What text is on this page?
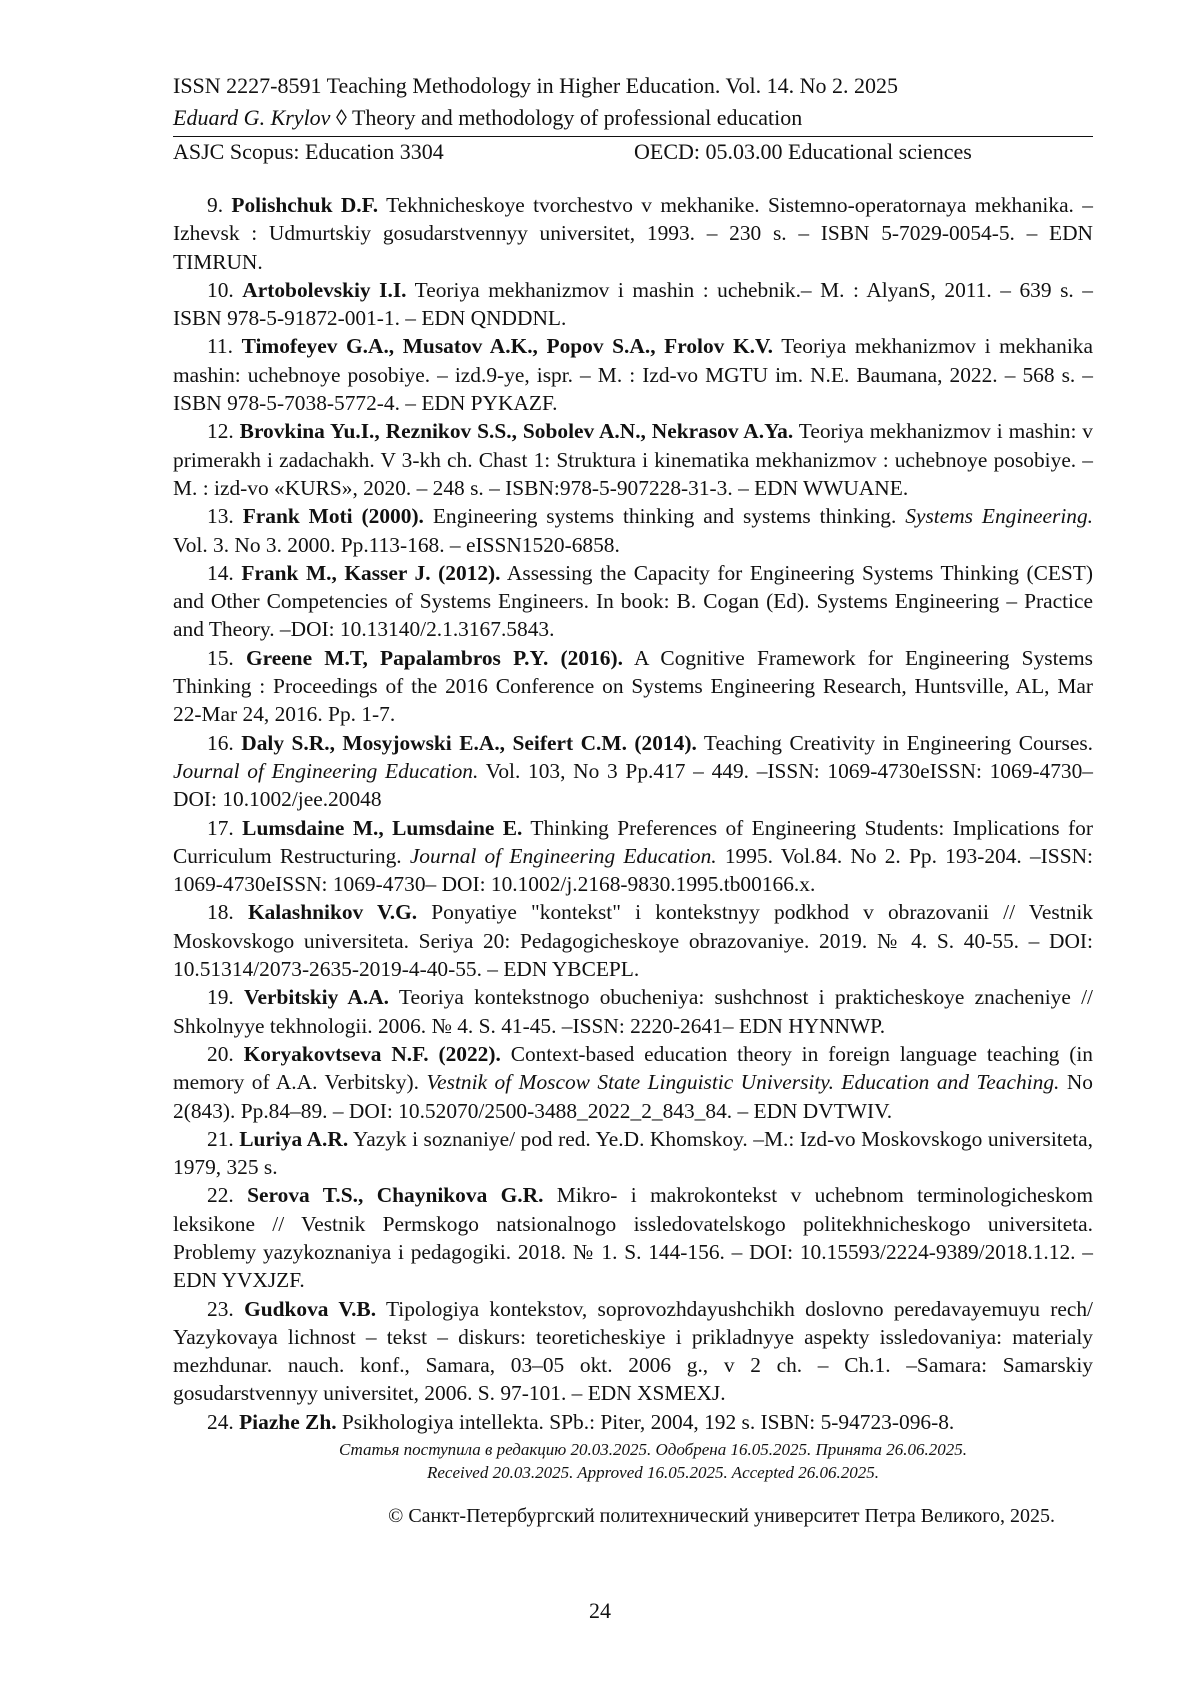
ISSN 2227-8591 Teaching Methodology in Higher Education. Vol. 14. No 2. 2025
Eduard G. Krylov ◊ Theory and methodology of professional education
ASJC Scopus: Education 3304	OECD: 05.03.00 Educational sciences

9. Polishchuk D.F. Tekhnicheskoye tvorchestvo v mekhanike. Sistemno-operatornaya mekhanika. – Izhevsk : Udmurtskiy gosudarstvennyy universitet, 1993. – 230 s. – ISBN 5-7029-0054-5. – EDN TIMRUN.

10. Artobolevskiy I.I. Teoriya mekhanizmov i mashin : uchebnik.– M. : AlyanS, 2011. – 639 s. – ISBN 978-5-91872-001-1. – EDN QNDDNL.

11. Timofeyev G.A., Musatov A.K., Popov S.A., Frolov K.V. Teoriya mekhanizmov i mekhanika mashin: uchebnoye posobiye. – izd.9-ye, ispr. – M. : Izd-vo MGTU im. N.E. Baumana, 2022. – 568 s. – ISBN 978-5-7038-5772-4. – EDN PYKAZF.

12. Brovkina Yu.I., Reznikov S.S., Sobolev A.N., Nekrasov A.Ya. Teoriya mekhanizmov i mashin: v primerakh i zadachakh. V 3-kh ch. Chast 1: Struktura i kinematika mekhanizmov : uchebnoye posobiye. – M. : izd-vo «KURS», 2020. – 248 s. – ISBN:978-5-907228-31-3. – EDN WWUANE.

13. Frank Moti (2000). Engineering systems thinking and systems thinking. Systems Engineering. Vol. 3. No 3. 2000. Pp.113-168. – eISSN1520-6858.

14. Frank M., Kasser J. (2012). Assessing the Capacity for Engineering Systems Thinking (CEST) and Other Competencies of Systems Engineers. In book: B. Cogan (Ed). Systems Engineering – Practice and Theory. –DOI: 10.13140/2.1.3167.5843.

15. Greene M.T, Papalambros P.Y. (2016). A Cognitive Framework for Engineering Systems Thinking : Proceedings of the 2016 Conference on Systems Engineering Research, Huntsville, AL, Mar 22-Mar 24, 2016. Pp. 1-7.

16. Daly S.R., Mosyjowski E.A., Seifert C.M. (2014). Teaching Creativity in Engineering Courses. Journal of Engineering Education. Vol. 103, No 3 Pp.417 – 449. –ISSN: 1069-4730eISSN: 1069-4730– DOI: 10.1002/jee.20048

17. Lumsdaine M., Lumsdaine E. Thinking Preferences of Engineering Students: Implications for Curriculum Restructuring. Journal of Engineering Education. 1995. Vol.84. No 2. Pp. 193-204. –ISSN: 1069-4730eISSN: 1069-4730– DOI: 10.1002/j.2168-9830.1995.tb00166.x.

18. Kalashnikov V.G. Ponyatiye "kontekst" i kontekstnyy podkhod v obrazovanii // Vestnik Moskovskogo universiteta. Seriya 20: Pedagogicheskoye obrazovaniye. 2019. № 4. S. 40-55. – DOI: 10.51314/2073-2635-2019-4-40-55. – EDN YBCEPL.

19. Verbitskiy A.A. Teoriya kontekstnogo obucheniya: sushchnost i prakticheskoye znacheniye // Shkolnyye tekhnologii. 2006. № 4. S. 41-45. –ISSN: 2220-2641– EDN HYNNWP.

20. Koryakovtseva N.F. (2022). Context-based education theory in foreign language teaching (in memory of A.A. Verbitsky). Vestnik of Moscow State Linguistic University. Education and Teaching. No 2(843). Pp.84–89. – DOI: 10.52070/2500-3488_2022_2_843_84. – EDN DVTWIV.

21. Luriya A.R. Yazyk i soznaniye/ pod red. Ye.D. Khomskoy. –M.: Izd-vo Moskovskogo universiteta, 1979, 325 s.

22. Serova T.S., Chaynikova G.R. Mikro- i makrokontekst v uchebnom terminologicheskom leksikone // Vestnik Permskogo natsionalnogo issledovatelskogo politekhnicheskogo universiteta. Problemy yazykoznaniya i pedagogiki. 2018. № 1. S. 144-156. – DOI: 10.15593/2224-9389/2018.1.12. – EDN YVXJZF.

23. Gudkova V.B. Tipologiya kontekstov, soprovozhdayushchikh doslovno peredavayemuyu rech/ Yazykovaya lichnost – tekst – diskurs: teoreticheskiye i prikladnyye aspekty issledovaniya: materialy mezhdunar. nauch. konf., Samara, 03–05 okt. 2006 g., v 2 ch. – Ch.1. –Samara: Samarskiy gosudarstvennyy universitet, 2006. S. 97-101. – EDN XSMEXJ.

24. Piazhe Zh. Psikhologiya intellekta. SPb.: Piter, 2004, 192 s. ISBN: 5-94723-096-8.

Статья поступила в редакцию 20.03.2025. Одобрена 16.05.2025. Принята 26.06.2025.
Received 20.03.2025. Approved 16.05.2025. Accepted 26.06.2025.
© Санкт-Петербургский политехнический университет Петра Великого, 2025.
24
